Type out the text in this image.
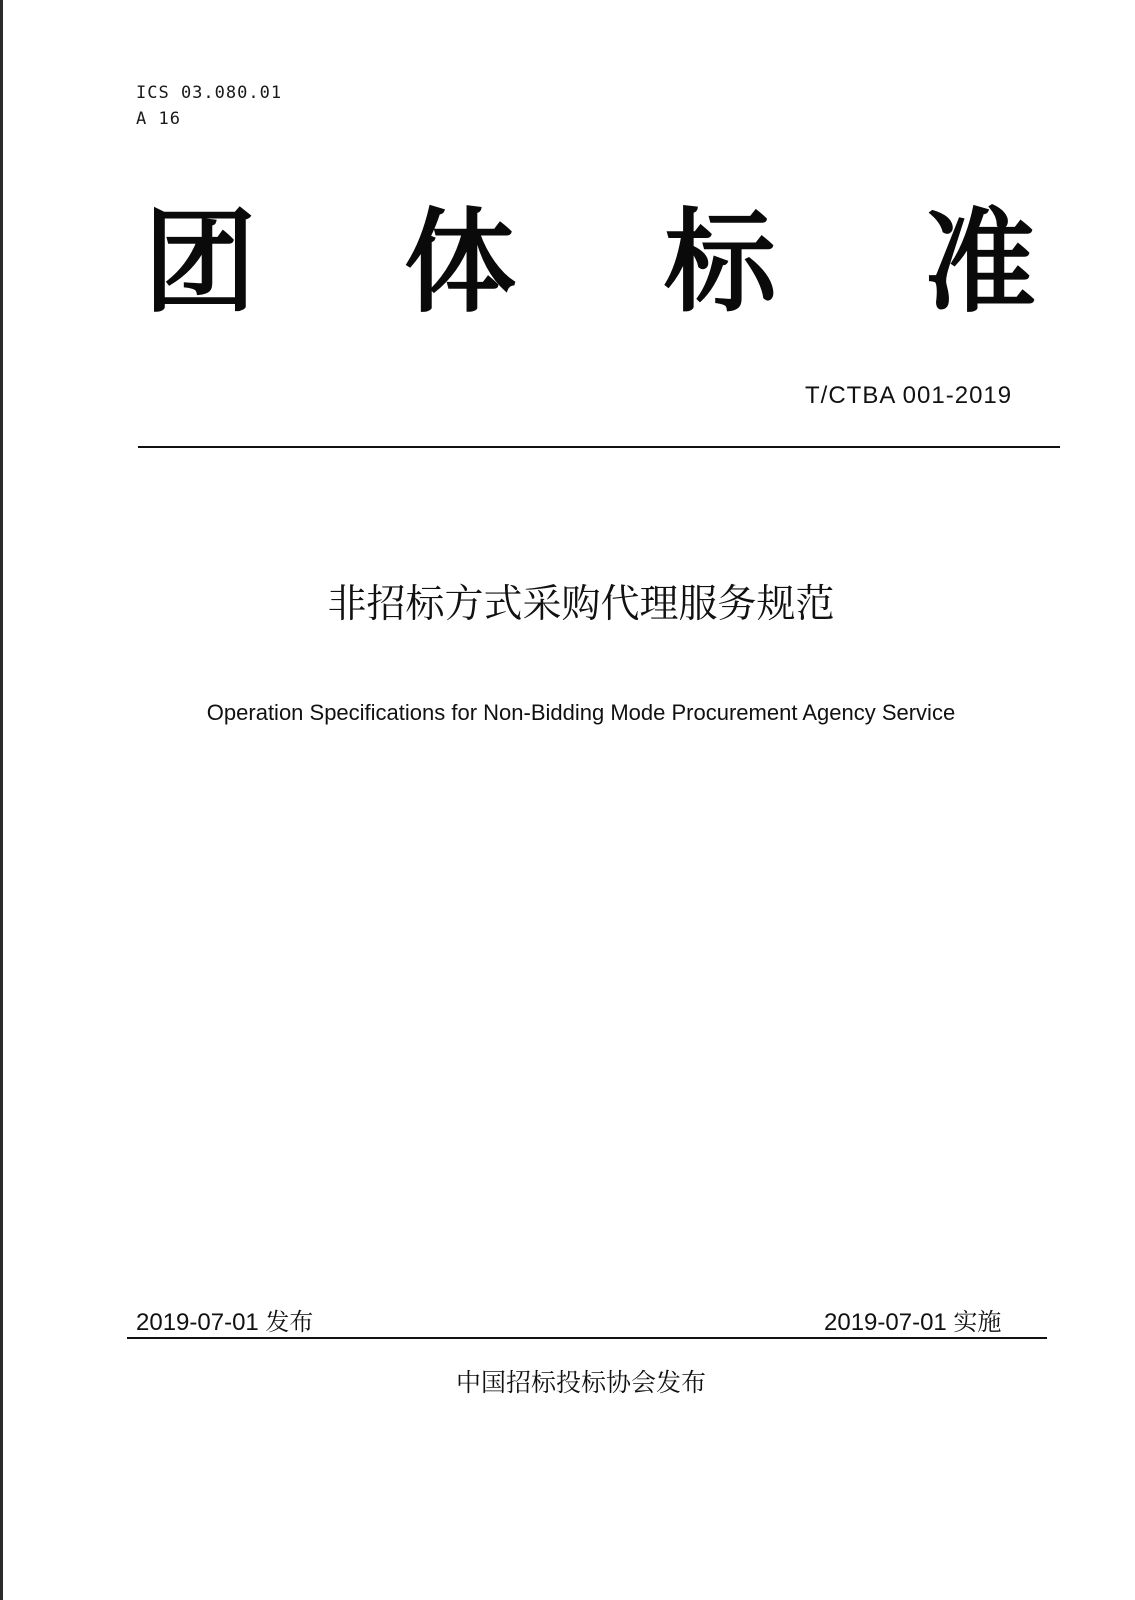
ICS 03.080.01
A 16
团 体 标 准
T/CTBA 001-2019
非招标方式采购代理服务规范
Operation Specifications for Non-Bidding Mode Procurement Agency Service
2019-07-01 发布	2019-07-01 实施
中国招标投标协会发布
